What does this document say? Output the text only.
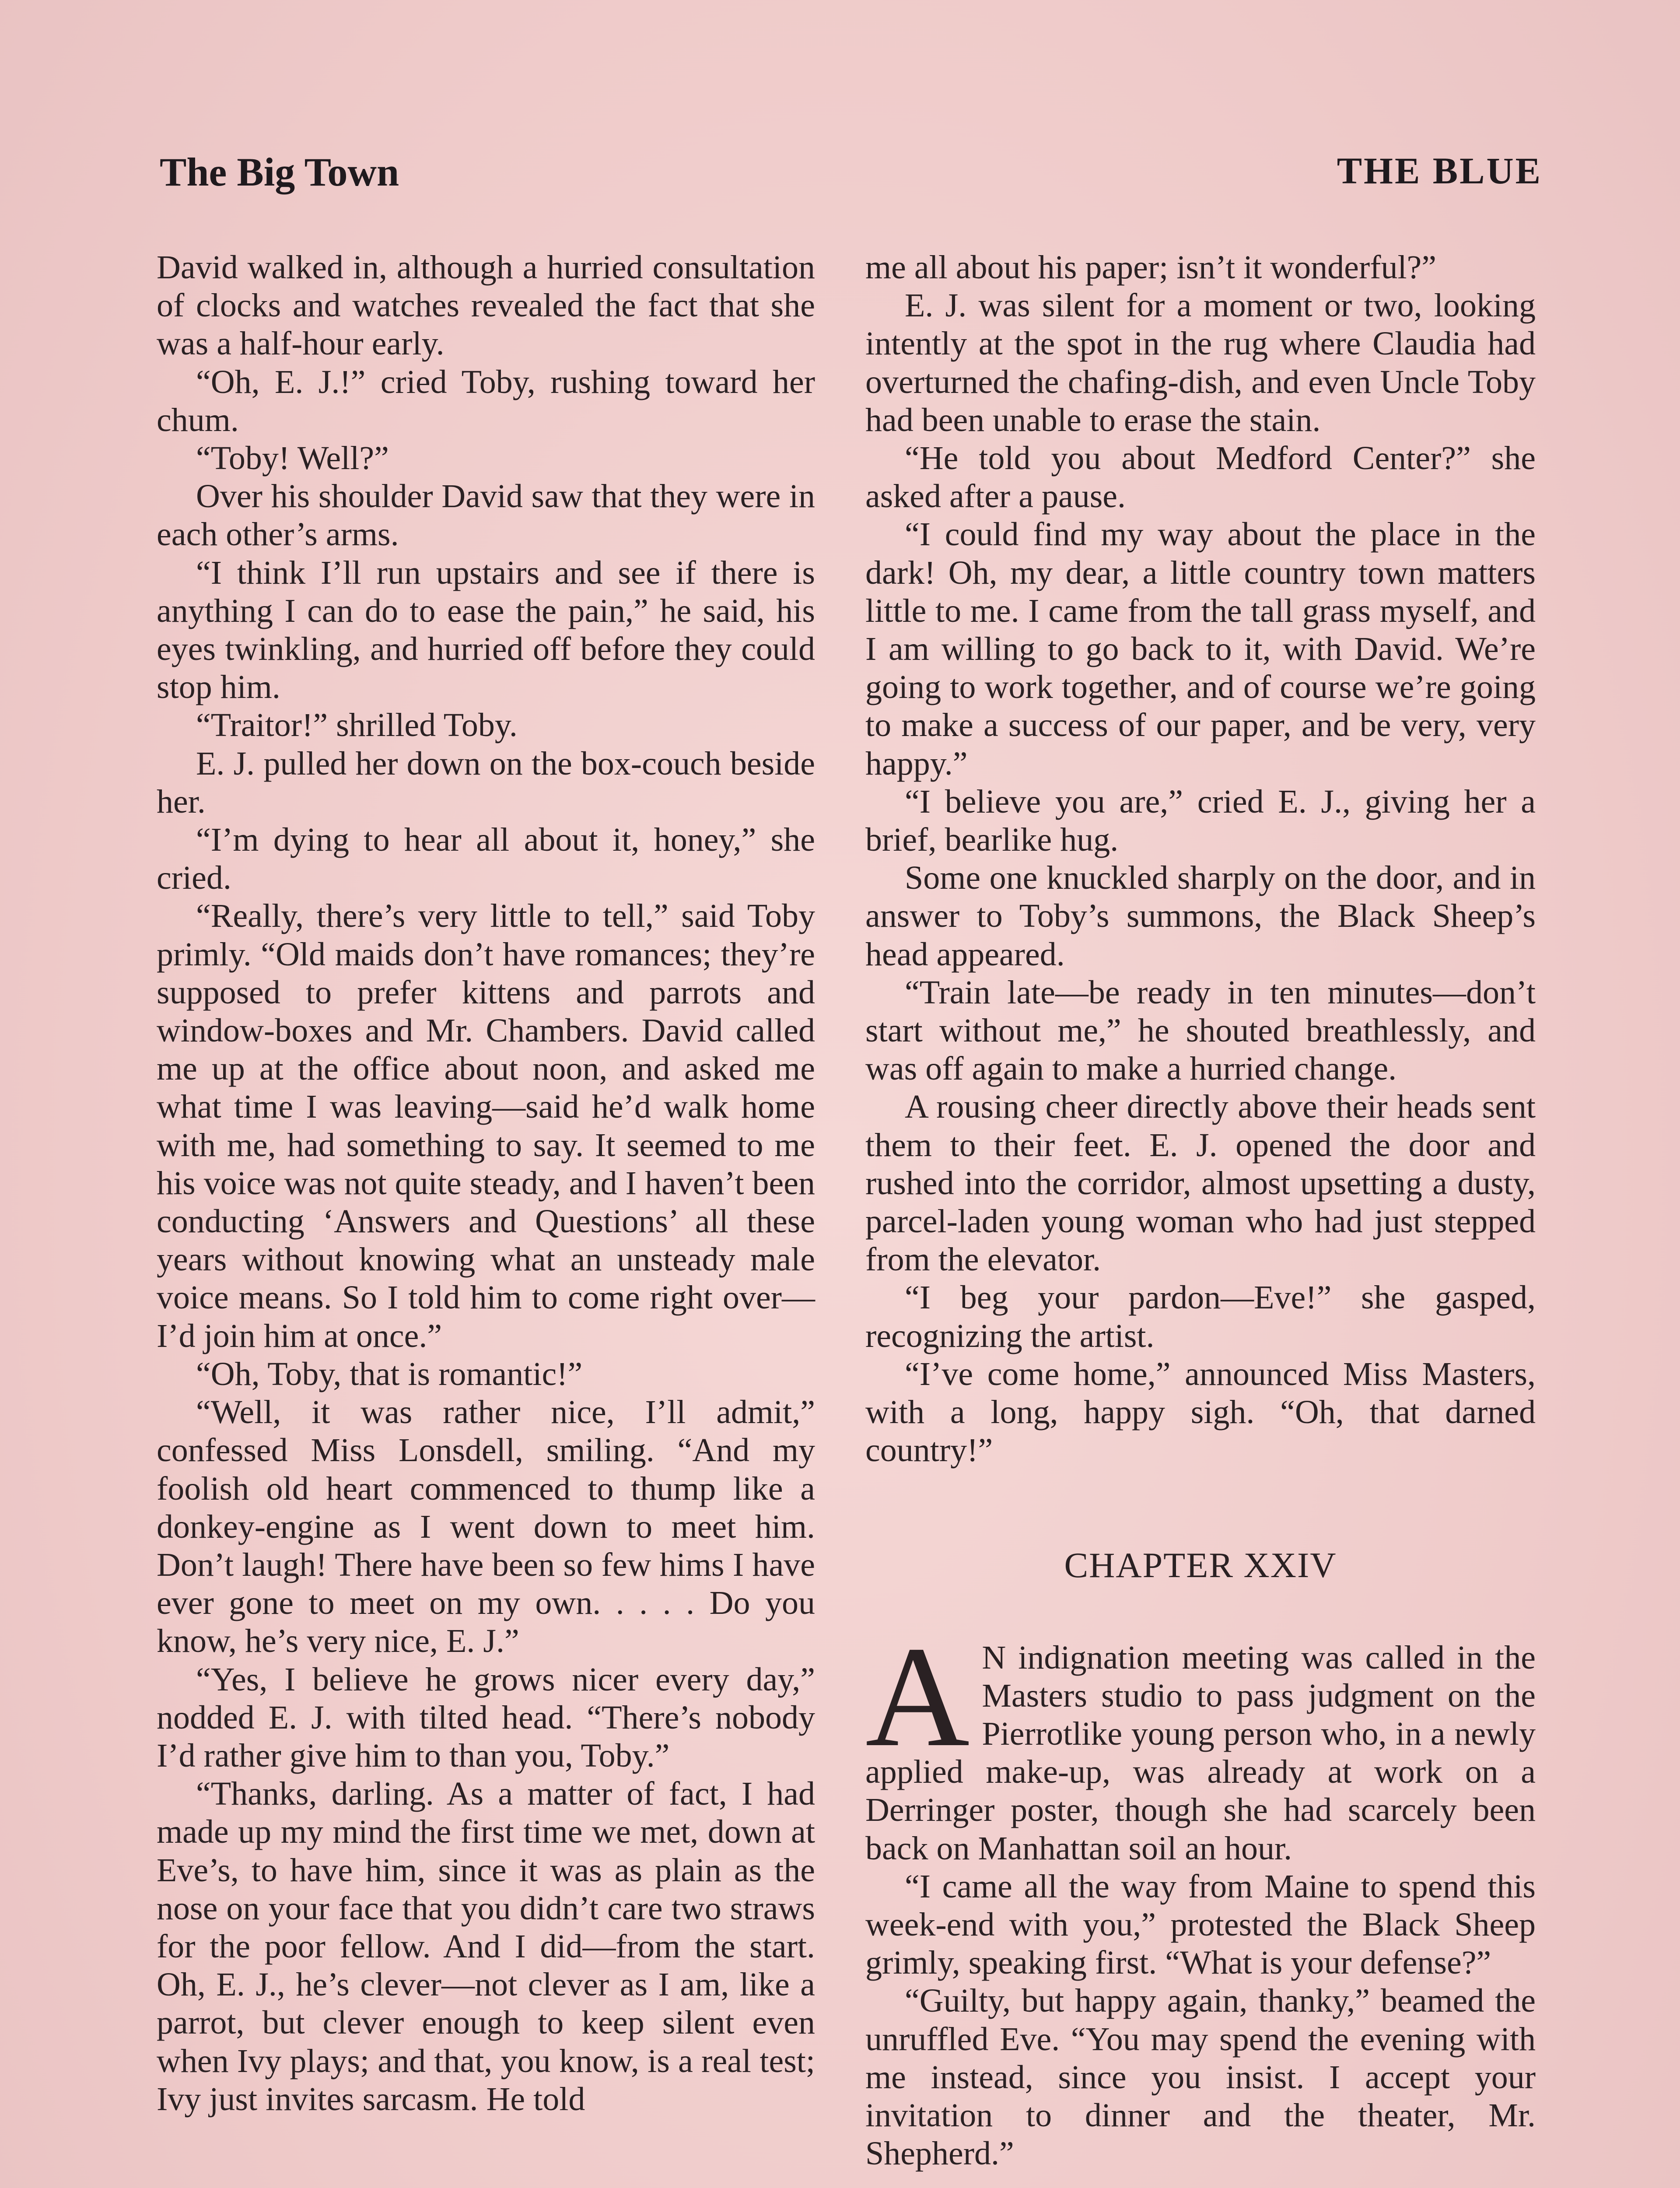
The Big Town	THE BLUE

David walked in, although a hurried consultation of clocks and watches revealed the fact that she was a half-hour early.

“Oh, E. J.!” cried Toby, rushing toward her chum.

“Toby! Well?”

Over his shoulder David saw that they were in each other’s arms.

“I think I’ll run upstairs and see if there is anything I can do to ease the pain,” he said, his eyes twinkling, and hurried off before they could stop him.

“Traitor!” shrilled Toby.

E. J. pulled her down on the box-couch beside her.

“I’m dying to hear all about it, honey,” she cried.

“Really, there’s very little to tell,” said Toby primly. “Old maids don’t have romances; they’re supposed to prefer kittens and parrots and window-boxes and Mr. Chambers. David called me up at the office about noon, and asked me what time I was leaving—said he’d walk home with me, had something to say. It seemed to me his voice was not quite steady, and I haven’t been conducting ‘Answers and Questions’ all these years without knowing what an unsteady male voice means. So I told him to come right over—I’d join him at once.”

“Oh, Toby, that is romantic!”

“Well, it was rather nice, I’ll admit,” confessed Miss Lonsdell, smiling. “And my foolish old heart commenced to thump like a donkey-engine as I went down to meet him. Don’t laugh! There have been so few hims I have ever gone to meet on my own. . . . . Do you know, he’s very nice, E. J.”

“Yes, I believe he grows nicer every day,” nodded E. J. with tilted head. “There’s nobody I’d rather give him to than you, Toby.”

“Thanks, darling. As a matter of fact, I had made up my mind the first time we met, down at Eve’s, to have him, since it was as plain as the nose on your face that you didn’t care two straws for the poor fellow. And I did—from the start. Oh, E. J., he’s clever—not clever as I am, like a parrot, but clever enough to keep silent even when Ivy plays; and that, you know, is a real test; Ivy just invites sarcasm. He told

me all about his paper; isn’t it wonderful?”

E. J. was silent for a moment or two, looking intently at the spot in the rug where Claudia had overturned the chafing-dish, and even Uncle Toby had been unable to erase the stain.

“He told you about Medford Center?” she asked after a pause.

“I could find my way about the place in the dark! Oh, my dear, a little country town matters little to me. I came from the tall grass myself, and I am willing to go back to it, with David. We’re going to work together, and of course we’re going to make a success of our paper, and be very, very happy.”

“I believe you are,” cried E. J., giving her a brief, bearlike hug.

Some one knuckled sharply on the door, and in answer to Toby’s summons, the Black Sheep’s head appeared.

“Train late—be ready in ten minutes—don’t start without me,” he shouted breathlessly, and was off again to make a hurried change.

A rousing cheer directly above their heads sent them to their feet. E. J. opened the door and rushed into the corridor, almost upsetting a dusty, parcel-laden young woman who had just stepped from the elevator.

“I beg your pardon—Eve!” she gasped, recognizing the artist.

“I’ve come home,” announced Miss Masters, with a long, happy sigh. “Oh, that darned country!”

CHAPTER XXIV

A N indignation meeting was called in the Masters studio to pass judgment on the Pierrotlike young person who, in a newly applied make-up, was already at work on a Derringer poster, though she had scarcely been back on Manhattan soil an hour.

“I came all the way from Maine to spend this week-end with you,” protested the Black Sheep grimly, speaking first. “What is your defense?”

“Guilty, but happy again, thanky,” beamed the unruffled Eve. “You may spend the evening with me instead, since you insist. I accept your invitation to dinner and the theater, Mr. Shepherd.”
